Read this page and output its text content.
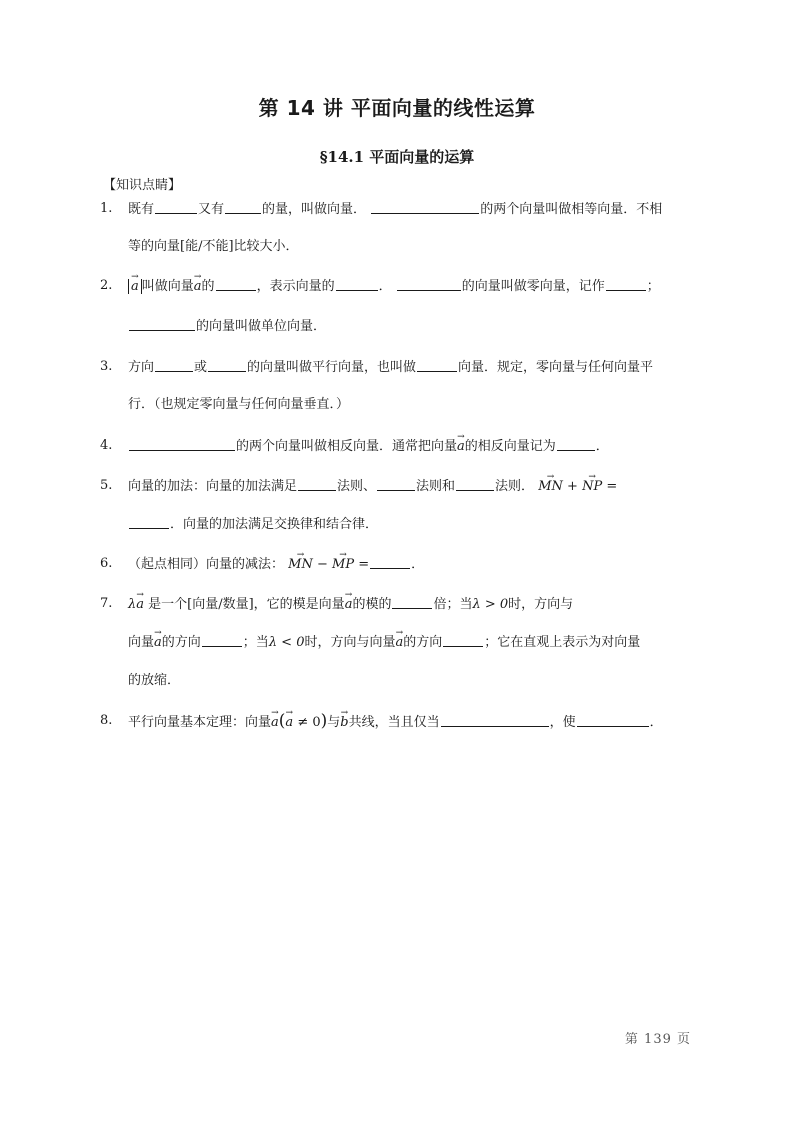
第 14 讲 平面向量的线性运算
§14.1 平面向量的运算
【知识点睛】
1.	既有	又有	的量，叫做向量．	的两个向量叫做相等向量．不相
等的向量[能/不能]比较大小．
2.	→ a 叫做向量→ a的	，表示向量的	．	的向量叫做零向量，记作	；
的向量叫做单位向量．
3.	方向	或	的向量叫做平行向量，也叫做	向量．规定，零向量与任何向量平
行．（也规定零向量与任何向量垂直．）
4.	的两个向量叫做相反向量．通常把向量→ a的相反向量记为	．
5.	向量的加法：向量的加法满足	法则、	法则和	法则． → MN + → NP =
．向量的加法满足交换律和结合律．
6.	（起点相同）向量的减法： → MN − → MP =	．
7.	λ→ a 是一个[向量/数量]，它的模是向量→ a的模的	倍；当λ > 0时，方向与
向量→ a的方向	；当λ < 0时，方向与向量→ a的方向	；它在直观上表示为对向量
的放缩．
8.	平行向量基本定理：向量→ a(→ a ≠ 0)与→ b共线，当且仅当	，使	．
第 139 页
